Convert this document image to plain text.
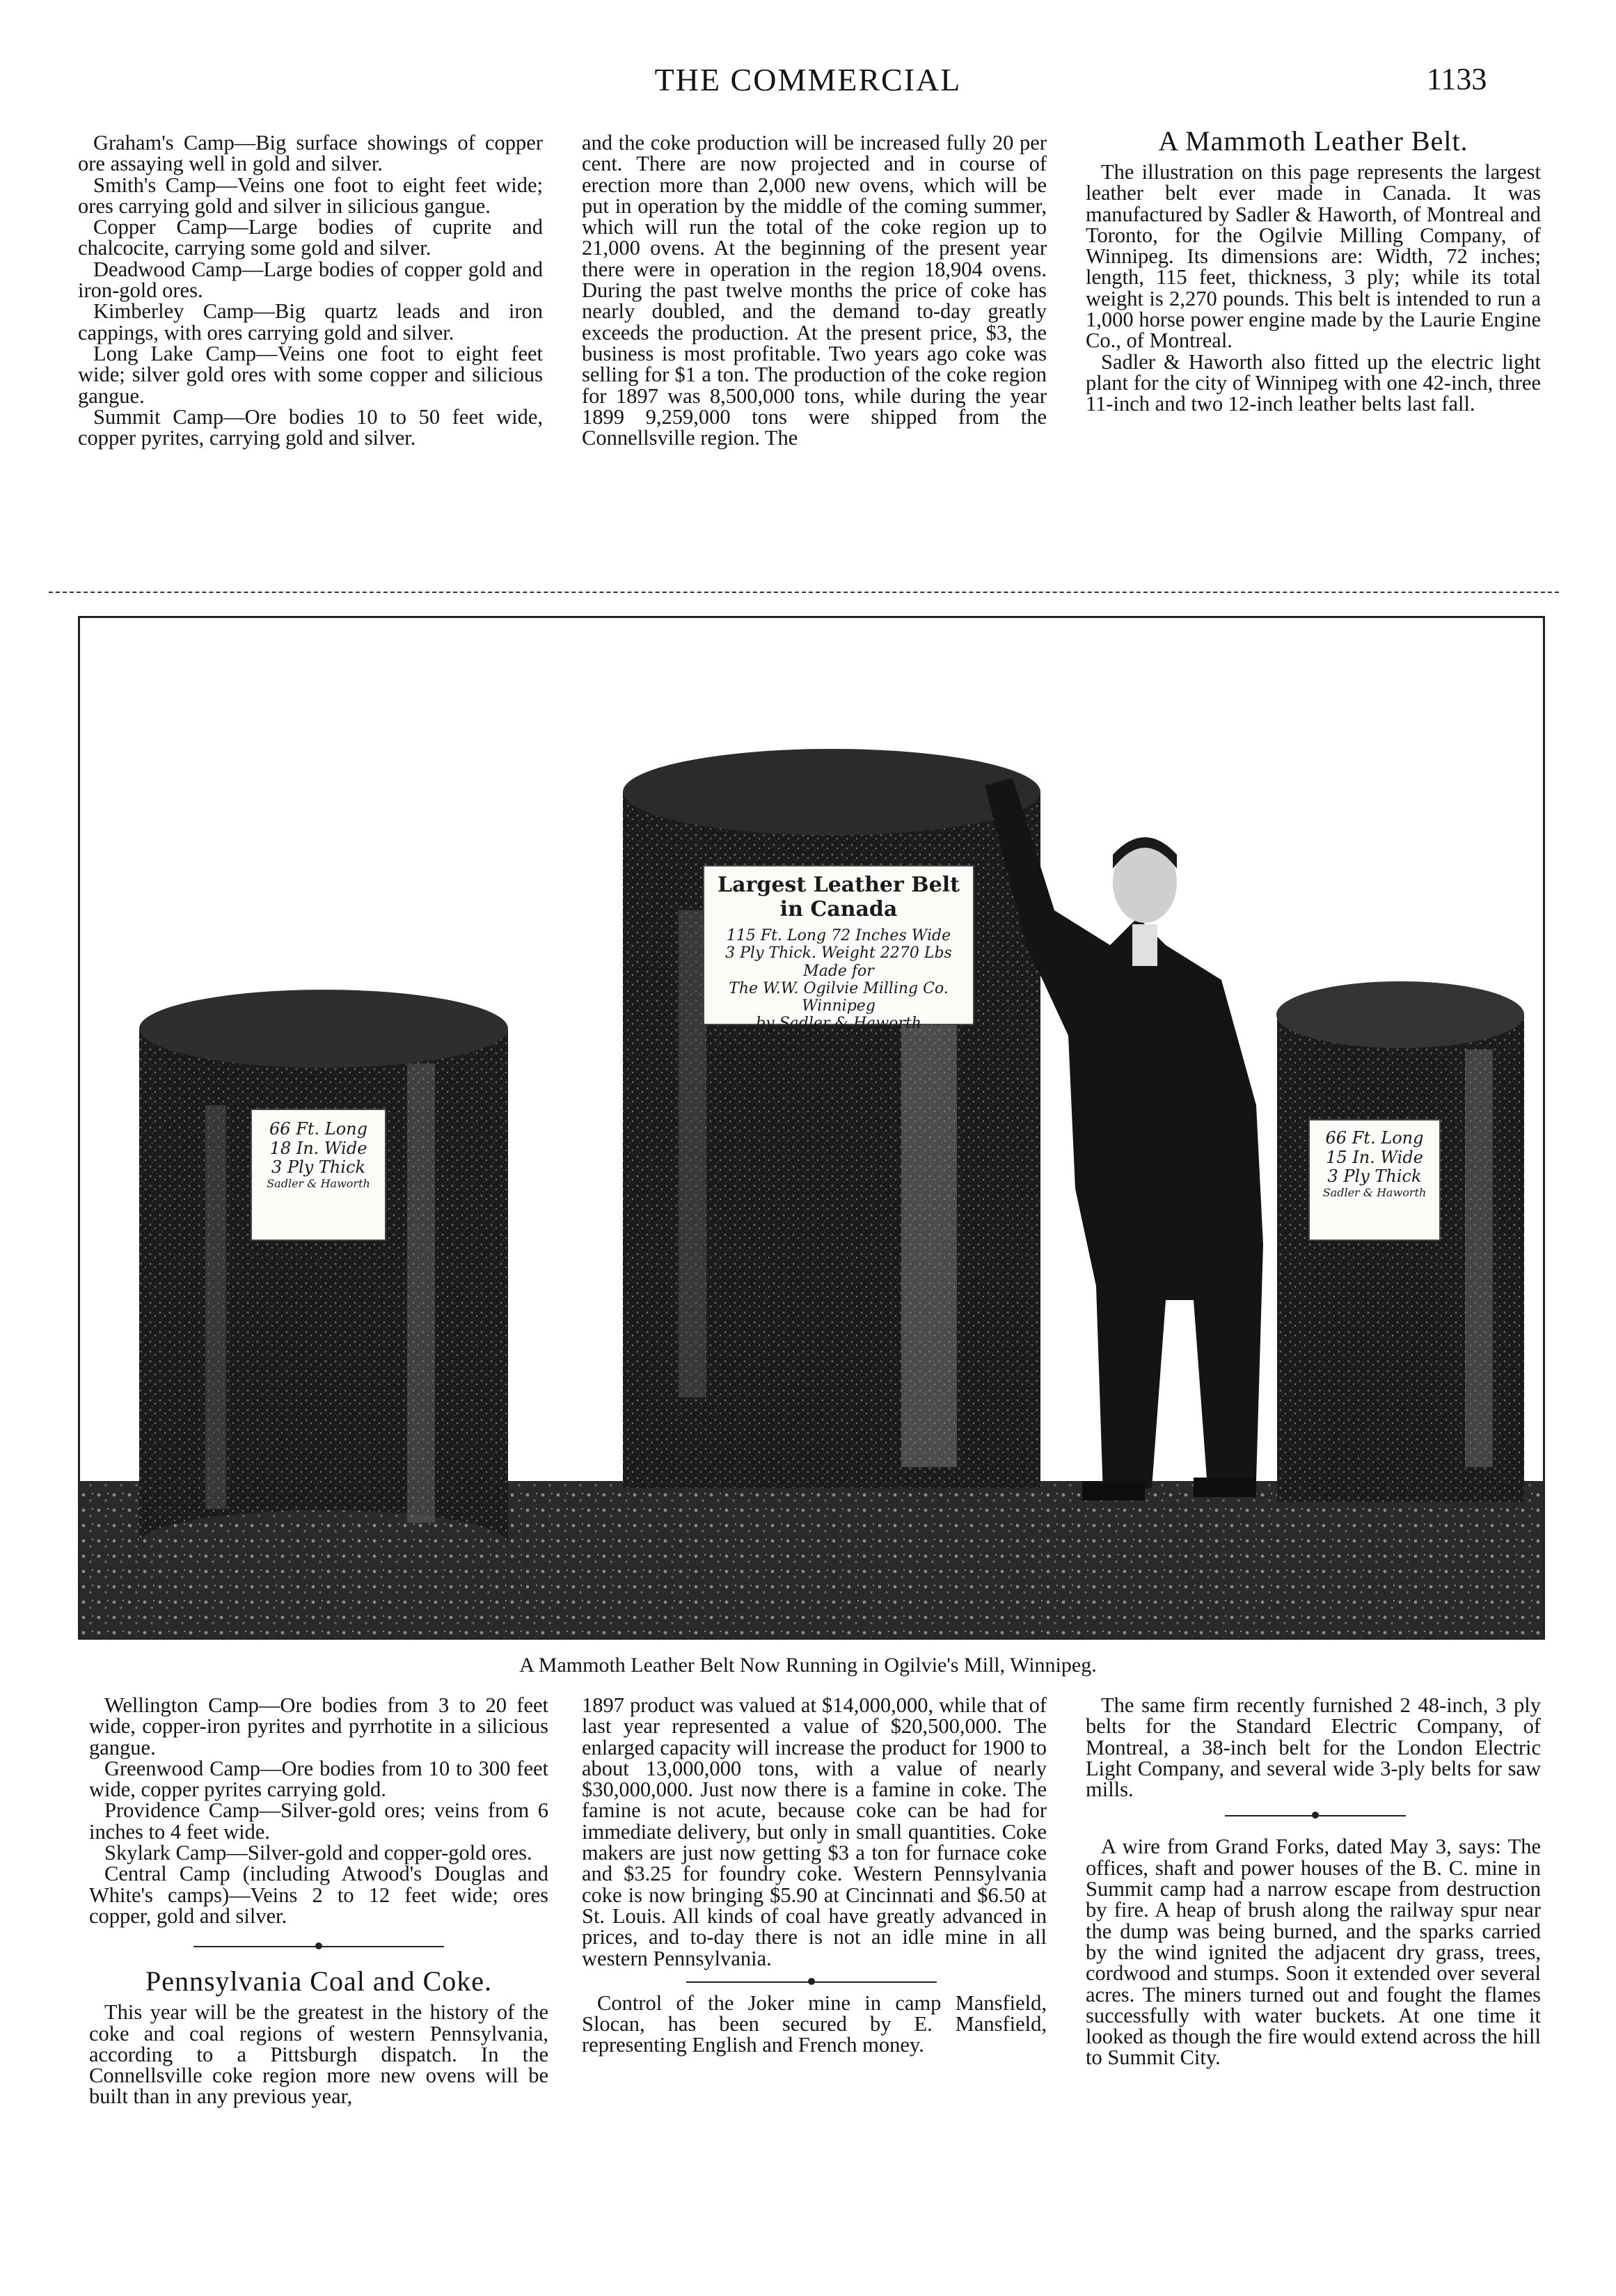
THE COMMERCIAL	1133

Graham's Camp—Big surface showings of copper ore assaying well in gold and silver.

Smith's Camp—Veins one foot to eight feet wide; ores carrying gold and silver in silicious gangue.

Copper Camp—Large bodies of cuprite and chalcocite, carrying some gold and silver.

Deadwood Camp—Large bodies of copper gold and iron-gold ores.

Kimberley Camp—Big quartz leads and iron cappings, with ores carrying gold and silver.

Long Lake Camp—Veins one foot to eight feet wide; silver gold ores with some copper and silicious gangue.

Summit Camp—Ore bodies 10 to 50 feet wide, copper pyrites, carrying gold and silver.

and the coke production will be increased fully 20 per cent. There are now projected and in course of erection more than 2,000 new ovens, which will be put in operation by the middle of the coming summer, which will run the total of the coke region up to 21,000 ovens. At the beginning of the present year there were in operation in the region 18,904 ovens. During the past twelve months the price of coke has nearly doubled, and the demand to-day greatly exceeds the production. At the present price, $3, the business is most profitable. Two years ago coke was selling for $1 a ton. The production of the coke region for 1897 was 8,500,000 tons, while during the year 1899 9,259,000 tons were shipped from the Connellsville region. The

A Mammoth Leather Belt.

The illustration on this page represents the largest leather belt ever made in Canada. It was manufactured by Sadler & Haworth, of Montreal and Toronto, for the Ogilvie Milling Company, of Winnipeg. Its dimensions are: Width, 72 inches; length, 115 feet, thickness, 3 ply; while its total weight is 2,270 pounds. This belt is intended to run a 1,000 horse power engine made by the Laurie Engine Co., of Montreal.

Sadler & Haworth also fitted up the electric light plant for the city of Winnipeg with one 42-inch, three 11-inch and two 12-inch leather belts last fall.

Largest Leather Belt in Canada
115 Ft. Long 72 Inches Wide
3 Ply Thick. Weight 2270 Lbs
Made for
The W.W. Ogilvie Milling Co. Winnipeg
by Sadler & Haworth
66 Ft. Long
18 In. Wide
3 Ply Thick
Sadler & Haworth
66 Ft. Long
15 In. Wide
3 Ply Thick
Sadler & Haworth
A Mammoth Leather Belt Now Running in Ogilvie's Mill, Winnipeg.

Wellington Camp—Ore bodies from 3 to 20 feet wide, copper-iron pyrites and pyrrhotite in a silicious gangue.

Greenwood Camp—Ore bodies from 10 to 300 feet wide, copper pyrites carrying gold.

Providence Camp—Silver-gold ores; veins from 6 inches to 4 feet wide.

Skylark Camp—Silver-gold and copper-gold ores.

Central Camp (including Atwood's Douglas and White's camps)—Veins 2 to 12 feet wide; ores copper, gold and silver.

Pennsylvania Coal and Coke.

This year will be the greatest in the history of the coke and coal regions of western Pennsylvania, according to a Pittsburgh dispatch. In the Connellsville coke region more new ovens will be built than in any previous year,

1897 product was valued at $14,000,000, while that of last year represented a value of $20,500,000. The enlarged capacity will increase the product for 1900 to about 13,000,000 tons, with a value of nearly $30,000,000. Just now there is a famine in coke. The famine is not acute, because coke can be had for immediate delivery, but only in small quantities. Coke makers are just now getting $3 a ton for furnace coke and $3.25 for foundry coke. Western Pennsylvania coke is now bringing $5.90 at Cincinnati and $6.50 at St. Louis. All kinds of coal have greatly advanced in prices, and to-day there is not an idle mine in all western Pennsylvania.

Control of the Joker mine in camp Mansfield, Slocan, has been secured by E. Mansfield, representing English and French money.

The same firm recently furnished 2 48-inch, 3 ply belts for the Standard Electric Company, of Montreal, a 38-inch belt for the London Electric Light Company, and several wide 3-ply belts for saw mills.

A wire from Grand Forks, dated May 3, says: The offices, shaft and power houses of the B. C. mine in Summit camp had a narrow escape from destruction by fire. A heap of brush along the railway spur near the dump was being burned, and the sparks carried by the wind ignited the adjacent dry grass, trees, cordwood and stumps. Soon it extended over several acres. The miners turned out and fought the flames successfully with water buckets. At one time it looked as though the fire would extend across the hill to Summit City.
